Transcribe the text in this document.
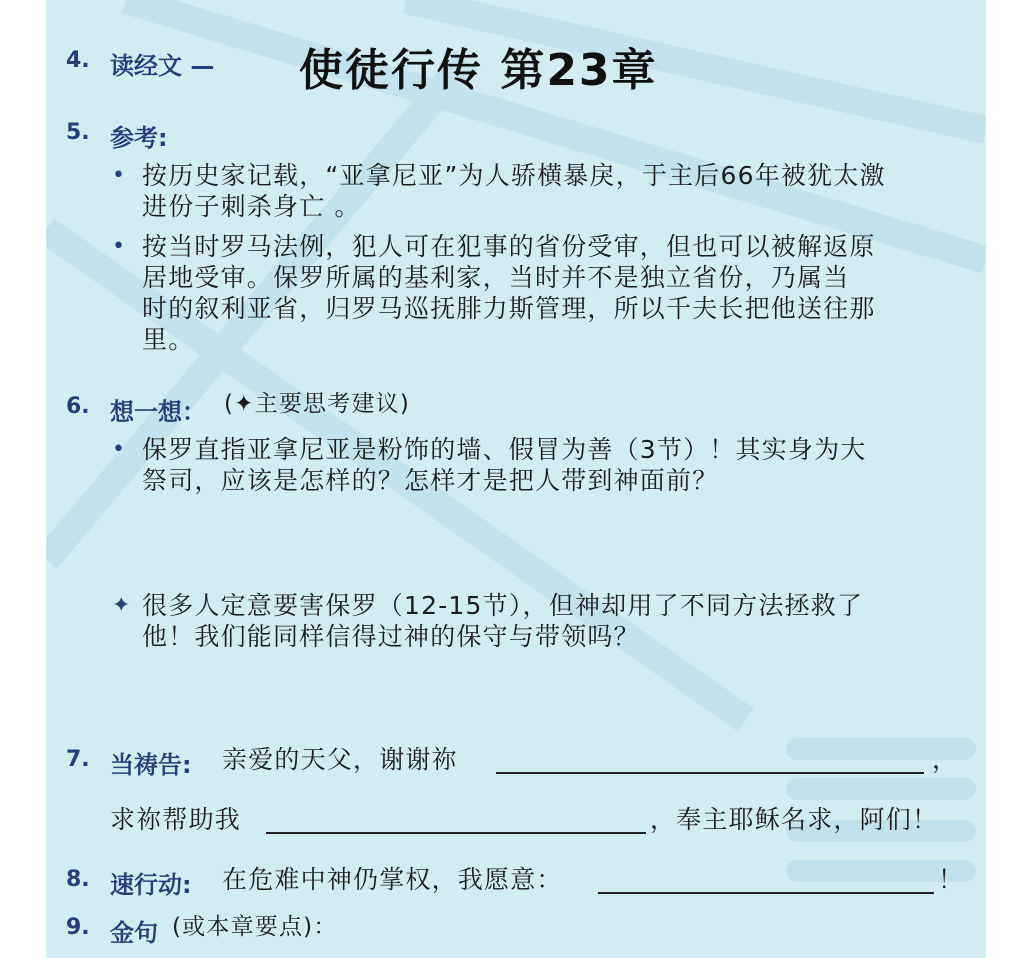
4. 读经文 — 使徒行传 第23章
5. 参考:
• 按历史家记载，“亚拿尼亚”为人骄横暴戾，于主后66年被犹太激
进份子刺杀身亡 。
• 按当时罗马法例，犯人可在犯事的省份受审，但也可以被解返原
居地受审。保罗所属的基利家，当时并不是独立省份，乃属当
时的叙利亚省，归罗马巡抚腓力斯管理，所以千夫长把他送往那
里。
6. 想一想： (✦主要思考建议)
• 保罗直指亚拿尼亚是粉饰的墙、假冒为善（3节）！其实身为大
祭司，应该是怎样的？怎样才是把人带到神面前？
✦ 很多人定意要害保罗（12-15节），但神却用了不同方法拯救了
他！我们能同样信得过神的保守与带领吗？
7. 当祷告: 亲爱的天父，谢谢祢	，
求祢帮助我	，奉主耶稣名求，阿们！
8. 速行动: 在危难中神仍掌权，我愿意：	！
9. 金句 (或本章要点)：
